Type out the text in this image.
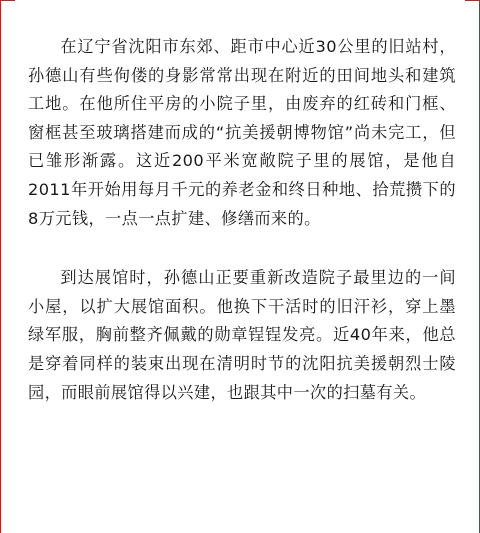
在辽宁省沈阳市东郊、距市中心近30公里的旧站村，孙德山有些佝偻的身影常常出现在附近的田间地头和建筑工地。在他所住平房的小院子里，由废弃的红砖和门框、窗框甚至玻璃搭建而成的“抗美援朝博物馆”尚未完工，但已雏形渐露。这近200平米宽敞院子里的展馆，是他自2011年开始用每月千元的养老金和终日种地、拾荒攒下的8万元钱，一点一点扩建、修缮而来的。

到达展馆时，孙德山正要重新改造院子最里边的一间小屋，以扩大展馆面积。他换下干活时的旧汗衫，穿上墨绿军服，胸前整齐佩戴的勋章锃锃发亮。近40年来，他总是穿着同样的装束出现在清明时节的沈阳抗美援朝烈士陵园，而眼前展馆得以兴建，也跟其中一次的扫墓有关。
